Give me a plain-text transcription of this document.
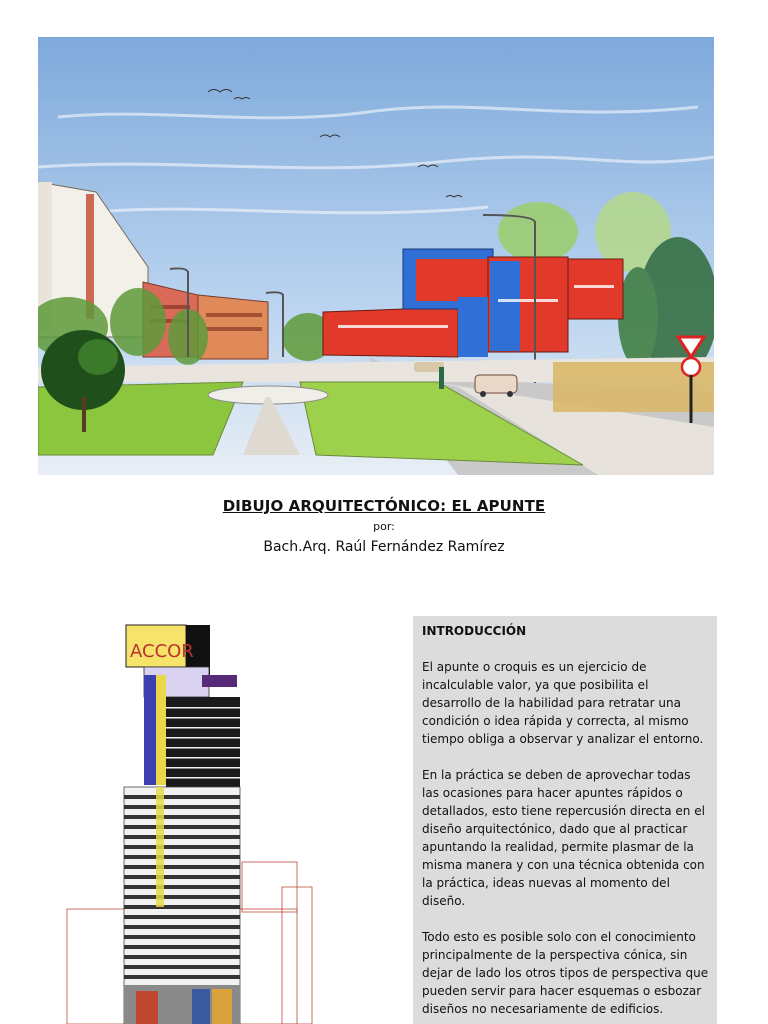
DIBUJO ARQUITECTÓNICO: EL APUNTE
por:
Bach.Arq. Raúl Fernández Ramírez
ACCOR
INTRODUCCIÓN

El apunte o croquis es un ejercicio de incalculable valor, ya que posibilita el desarrollo de la habilidad para retratar una condición o idea rápida y correcta, al mismo tiempo obliga a observar y analizar el entorno.

En la práctica se deben de aprovechar todas las ocasiones para hacer apuntes rápidos o detallados, esto tiene repercusión directa en el diseño arquitectónico, dado que al practicar apuntando la realidad, permite plasmar de la misma manera y con una técnica obtenida con la práctica, ideas nuevas al momento del diseño.

Todo esto es posible solo con el conocimiento principalmente de la perspectiva cónica, sin dejar de lado los otros tipos de perspectiva que pueden servir para hacer esquemas o esbozar diseños no necesariamente de edificios.
